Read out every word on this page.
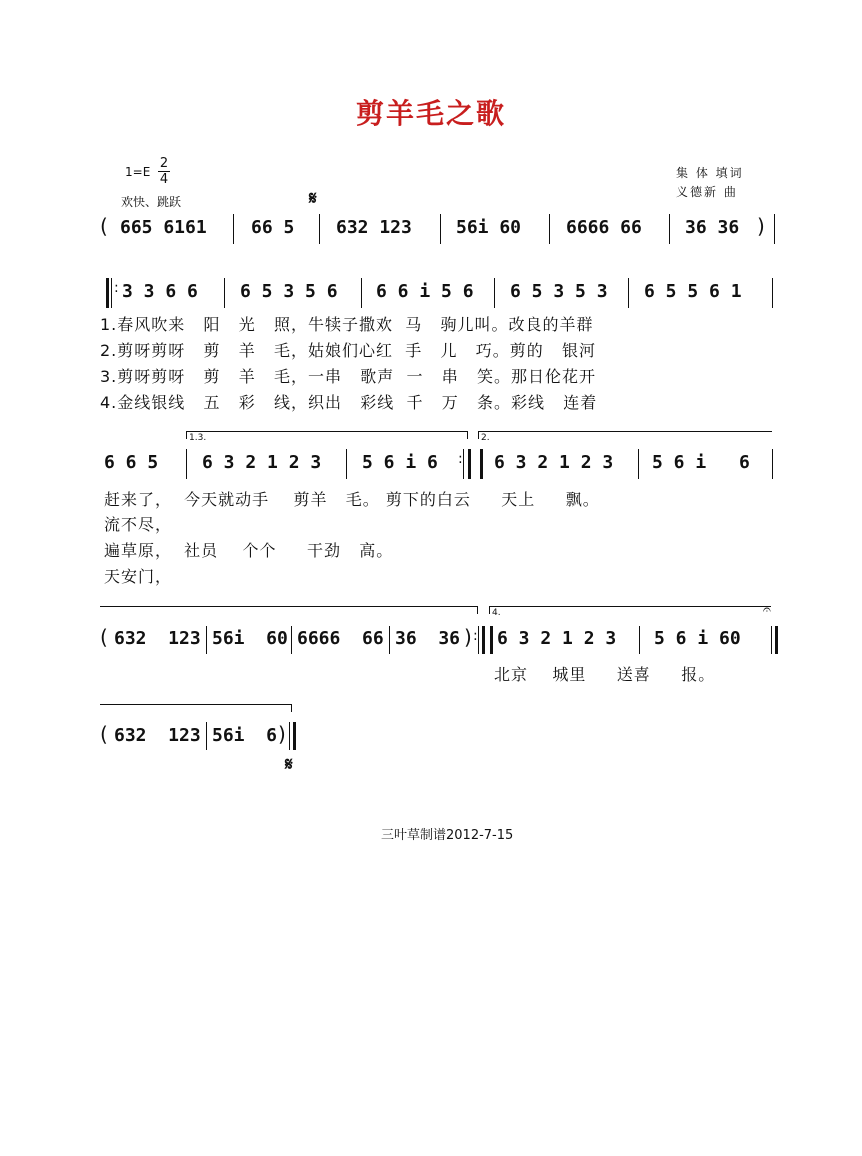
剪羊毛之歌
1=E
2
4
欢快、跳跃
集 体 填词
义德新 曲
𝄋
( 665 6161 66 5 632 123 56i 60 6666 66 36 36 )
: 3 3 6 6 6 5 3 5 6 6 6 i 5 6 6 5 3 5 3 6 5 5 6 1
1.春风吹来   阳   光   照，牛犊子撒欢  马   驹儿叫。改良的羊群
2.剪呀剪呀   剪   羊   毛，姑娘们心红  手   儿   巧。剪的   银河
3.剪呀剪呀   剪   羊   毛，一串   歌声  一   串   笑。那日伦花开
4.金线银线   五   彩   线，织出   彩线  千   万   条。彩线   连着
1.3.	2.
6 6 5 6 3 2 1 2 3 5 6 i 6 : 6 3 2 1 2 3 5 6 i 6
赶来了，  今天就动手    剪羊   毛。 剪下的白云     天上     飘。
流不尽，
遍草原，  社员    个个     干劲   高。
天安门，
4.	𝄐
( 632  123 56i  60 6666  66 36  36 ) : 6 3 2 1 2 3 5 6 i 60
北京    城里     送喜     报。
( 632  123 56i  6 )
𝄋
三叶草制谱2012-7-15
